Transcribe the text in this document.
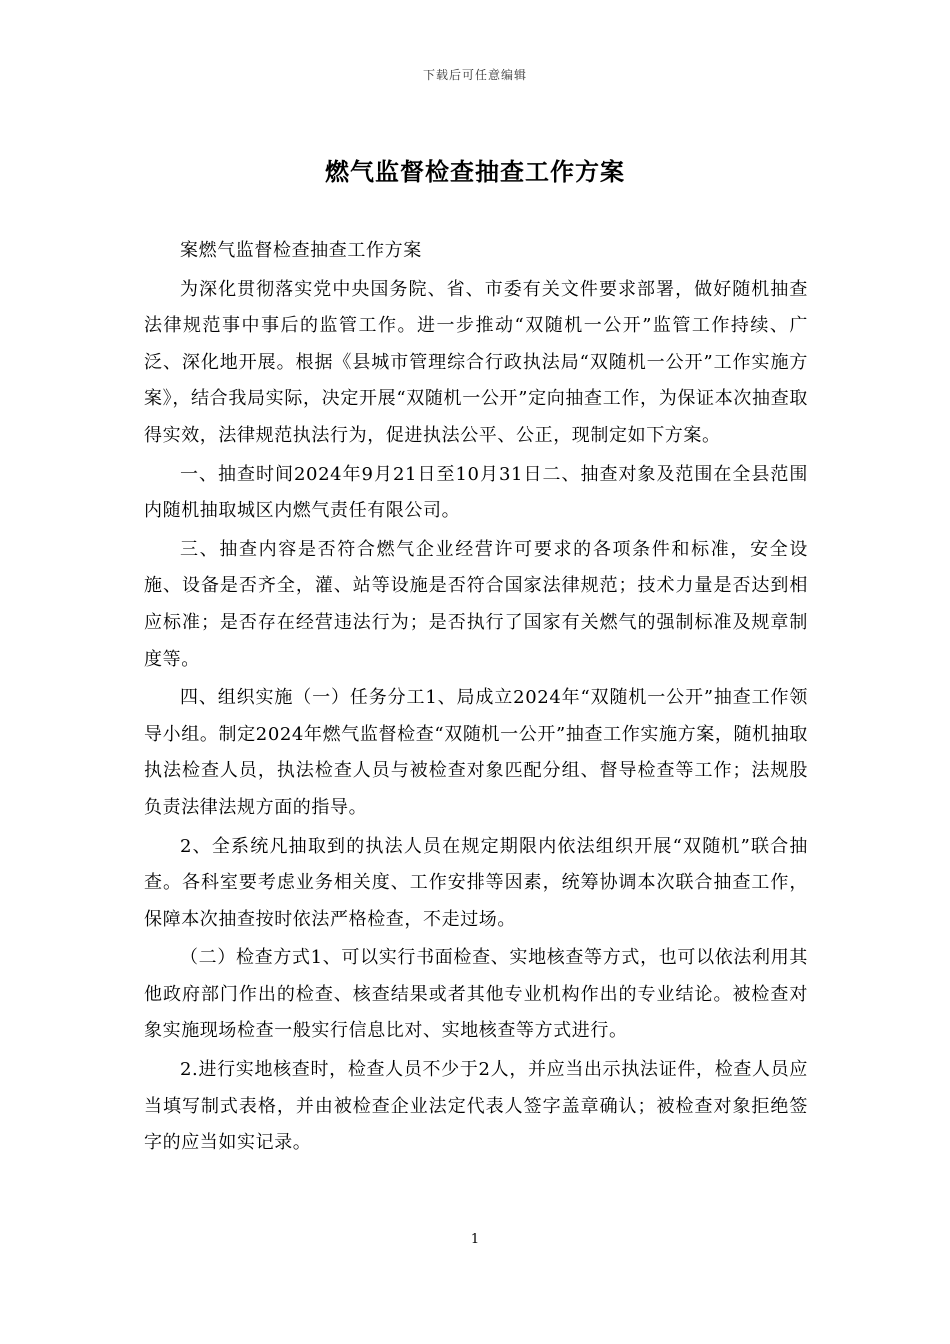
下载后可任意编辑
燃气监督检查抽查工作方案

案燃气监督检查抽查工作方案

为深化贯彻落实党中央国务院、省、市委有关文件要求部署，做好随机抽查法律规范事中事后的监管工作。进一步推动“双随机一公开”监管工作持续、广泛、深化地开展。根据《县城市管理综合行政执法局“双随机一公开”工作实施方案》，结合我局实际，决定开展“双随机一公开”定向抽查工作，为保证本次抽查取得实效，法律规范执法行为，促进执法公平、公正，现制定如下方案。

一、抽查时间2024年9月21日至10月31日二、抽查对象及范围在全县范围内随机抽取城区内燃气责任有限公司。

三、抽查内容是否符合燃气企业经营许可要求的各项条件和标准，安全设施、设备是否齐全，灌、站等设施是否符合国家法律规范；技术力量是否达到相应标准；是否存在经营违法行为；是否执行了国家有关燃气的强制标准及规章制度等。

四、组织实施（一）任务分工1、局成立2024年“双随机一公开”抽查工作领导小组。制定2024年燃气监督检查“双随机一公开”抽查工作实施方案，随机抽取执法检查人员，执法检查人员与被检查对象匹配分组、督导检查等工作；法规股负责法律法规方面的指导。

2、全系统凡抽取到的执法人员在规定期限内依法组织开展“双随机”联合抽查。各科室要考虑业务相关度、工作安排等因素，统筹协调本次联合抽查工作，保障本次抽查按时依法严格检查，不走过场。

（二）检查方式1、可以实行书面检查、实地核查等方式，也可以依法利用其他政府部门作出的检查、核查结果或者其他专业机构作出的专业结论。被检查对象实施现场检查一般实行信息比对、实地核查等方式进行。

2.进行实地核查时，检查人员不少于2人，并应当出示执法证件，检查人员应当填写制式表格，并由被检查企业法定代表人签字盖章确认；被检查对象拒绝签字的应当如实记录。

1
